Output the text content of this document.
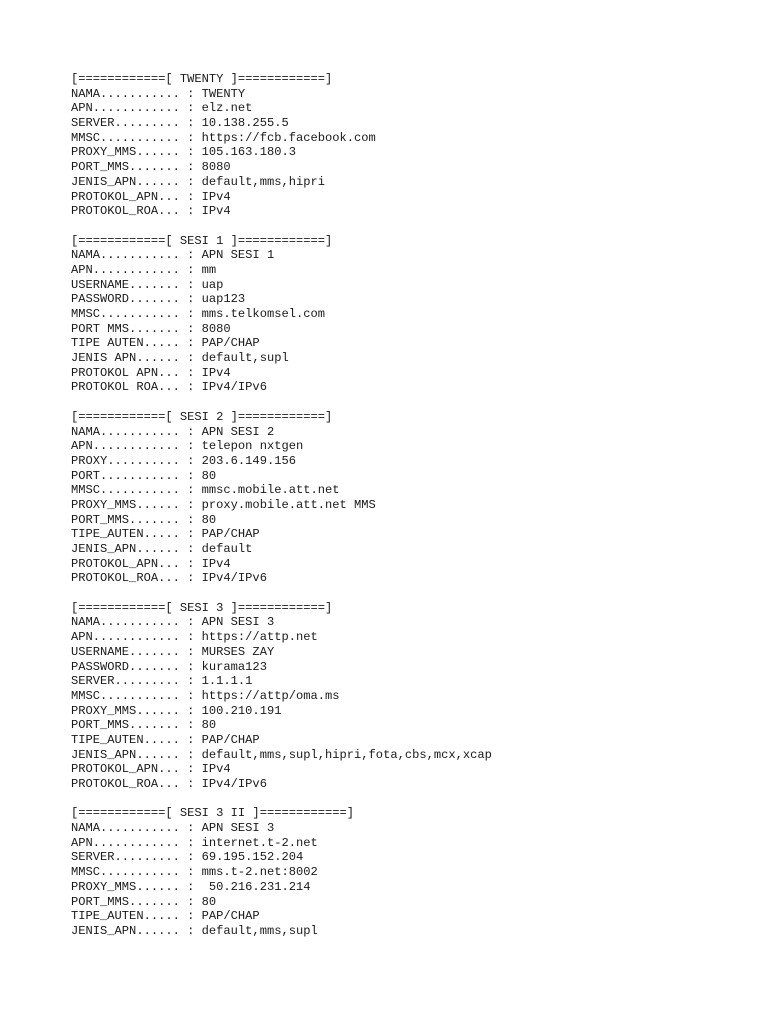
[============[ TWENTY ]============]
NAMA........... : TWENTY
APN............ : elz.net
SERVER......... : 10.138.255.5
MMSC........... : https://fcb.facebook.com
PROXY_MMS...... : 105.163.180.3
PORT_MMS....... : 8080
JENIS_APN...... : default,mms,hipri
PROTOKOL_APN... : IPv4
PROTOKOL_ROA... : IPv4
[============[ SESI 1 ]============]
NAMA........... : APN SESI 1
APN............ : mm
USERNAME....... : uap
PASSWORD....... : uap123
MMSC........... : mms.telkomsel.com
PORT MMS....... : 8080
TIPE AUTEN..... : PAP/CHAP
JENIS APN...... : default,supl
PROTOKOL APN... : IPv4
PROTOKOL ROA... : IPv4/IPv6
[============[ SESI 2 ]============]
NAMA........... : APN SESI 2
APN............ : telepon nxtgen
PROXY.......... : 203.6.149.156
PORT........... : 80
MMSC........... : mmsc.mobile.att.net
PROXY_MMS...... : proxy.mobile.att.net MMS
PORT_MMS....... : 80
TIPE_AUTEN..... : PAP/CHAP
JENIS_APN...... : default
PROTOKOL_APN... : IPv4
PROTOKOL_ROA... : IPv4/IPv6
[============[ SESI 3 ]============]
NAMA........... : APN SESI 3
APN............ : https://attp.net
USERNAME....... : MURSES ZAY
PASSWORD....... : kurama123
SERVER......... : 1.1.1.1
MMSC........... : https://attp/oma.ms
PROXY_MMS...... : 100.210.191
PORT_MMS....... : 80
TIPE_AUTEN..... : PAP/CHAP
JENIS_APN...... : default,mms,supl,hipri,fota,cbs,mcx,xcap
PROTOKOL_APN... : IPv4
PROTOKOL_ROA... : IPv4/IPv6
[============[ SESI 3 II ]============]
NAMA........... : APN SESI 3
APN............ : internet.t-2.net
SERVER......... : 69.195.152.204
MMSC........... : mms.t-2.net:8002
PROXY_MMS...... :  50.216.231.214
PORT_MMS....... : 80
TIPE_AUTEN..... : PAP/CHAP
JENIS_APN...... : default,mms,supl
